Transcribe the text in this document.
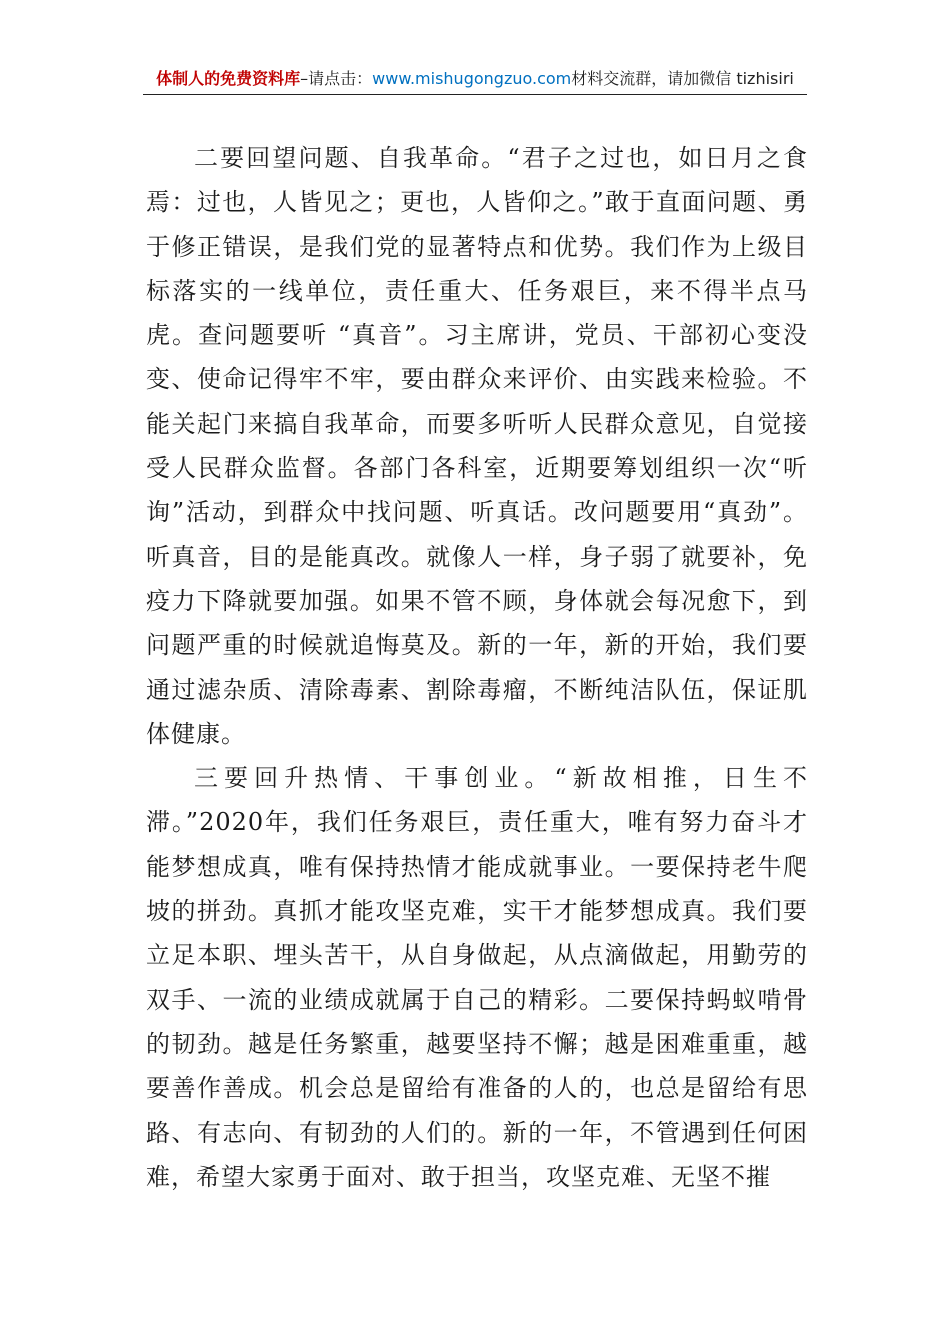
体制人的免费资料库–请点击：www.mishugongzuo.com材料交流群，请加微信 tizhisiri

二要回望问题、自我革命。“君子之过也，如日月之食焉：过也，人皆见之；更也，人皆仰之。”敢于直面问题、勇于修正错误，是我们党的显著特点和优势。我们作为上级目标落实的一线单位，责任重大、任务艰巨，来不得半点马虎。查问题要听 “真音”。习主席讲，党员、干部初心变没变、使命记得牢不牢，要由群众来评价、由实践来检验。不能关起门来搞自我革命，而要多听听人民群众意见，自觉接受人民群众监督。各部门各科室，近期要筹划组织一次“听询”活动，到群众中找问题、听真话。改问题要用“真劲”。听真音，目的是能真改。就像人一样，身子弱了就要补，免疫力下降就要加强。如果不管不顾，身体就会每况愈下，到问题严重的时候就追悔莫及。新的一年，新的开始，我们要通过滤杂质、清除毒素、割除毒瘤，不断纯洁队伍，保证肌体健康。

三要回升热情、干事创业。“新故相推，日生不滞。”2020年，我们任务艰巨，责任重大，唯有努力奋斗才能梦想成真，唯有保持热情才能成就事业。一要保持老牛爬坡的拼劲。真抓才能攻坚克难，实干才能梦想成真。我们要立足本职、埋头苦干，从自身做起，从点滴做起，用勤劳的双手、一流的业绩成就属于自己的精彩。二要保持蚂蚁啃骨的韧劲。越是任务繁重，越要坚持不懈；越是困难重重，越要善作善成。机会总是留给有准备的人的，也总是留给有思路、有志向、有韧劲的人们的。新的一年，不管遇到任何困难，希望大家勇于面对、敢于担当，攻坚克难、无坚不摧
